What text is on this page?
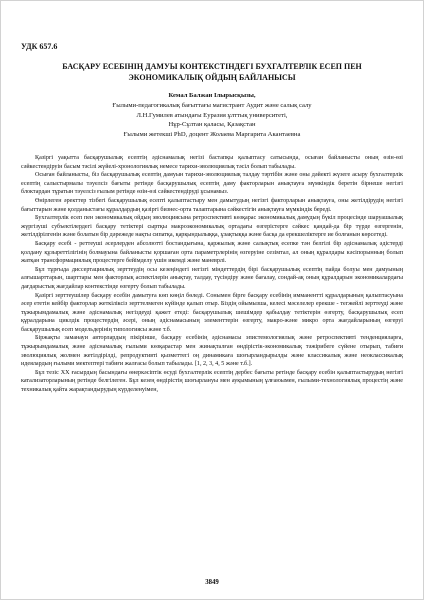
УДК 657.6
БАСҚАРУ ЕСЕБІНІҢ ДАМУЫ КОНТЕКСТІНДЕГІ БУХГАЛТЕРЛІК ЕСЕП ПЕН
ЭКОНОМИКАЛЫҚ ОЙДЫҢ БАЙЛАНЫСЫ
Кемал Балжан Ілырысқызы,
Ғылыми-педагогикалық бағыттағы магистрант Аудит және салық салу
Л.Н.Гумилев атындағы Еуразия ұлттық университеті,
Нұр-Сұлтан қаласы, Қазақстан
Ғылыми жетекші PhD, доцент Жолаева Маргарита Акантаевна

Қазіргі уақытта басқарушылық есептің әдіснамалық негізі бастапқы қалыптасу сатысында, осыған байланысты оның өзін-өзі сәйкестендіруін басым тәсілі жүйелі-хронологиялық немесе тарихи-эволюциялық тәсіл болып табылады.

Осыған байланысты, біз басқарушылық есептің дамуын тарихи-эволюциялық талдау тәртібін және оны дәйекті жүзеге асыру бухгалтерлік есептің салыстырмалы тәуелсіз бағыты ретінде басқарушылық есептің даму факторларын анықтауға мүмкіндік беретін бірнеше негізгі блоктардан тұратын тәуелсіз ғылым ретінде өзін-өзі сәйкестендіруді ұсынамыз.

Өнірлеген әректтер тізбегі басқарушылық есепті қалыптастыру мен дамытудың негізгі факторларын анықтауға, оны жетілдірудің негізгі бағыттарын және қолданыстағы құралдардың қазіргі бизнес-орта талаптарына сәйкестігін анықтауға мүмкіндік береді.

Бухгалтерлік есеп пен экономикалық ойдың эволюциясына ретроспективті көзқарас экономикалық дамудың бүкіл процесінде шаруашылық жүргізуші субъектілердегі басқару тетіктері сыртқы макроэкономикалық ортадағы өзгерістерге сәйкес қандай-да бір түрде өзгергенін, жетілдірілгенін және болатын бір дәрежеде нақты сипатқа, қарқындылыққа, ұзақтыққа және басқа да ерекшеліктерге ие болғанын көрсетеді.

Басқару есебі - реттеуші әсерлерден абсолютті бостандығына, қаржылық және салықтық есепке тән белгілі бір әдіснамалық әдістерді қолдану құзыреттілігінің болмауына байланысты қоршаған орта параметрлерінің өзгеруіне сезімтал, ал оның құралдары кәсіпорынның болып жатқан трансформациялық процестерге бейімделу үшін икемді және маневрлі.

Бұл тұрғыда диссертациялық зерттеудің осы кезеңіндегі негізгі міндеттердің бірі басқарушылық есептің пайда болуы мен дамуының алғышарттарын, шарттары мен факторлық аспектілерін анықтау, талдау, түсіндіру және бағалау, сондай-ақ оның құралдарын экономикалардағы дағдарыстық жағдайлар контекстінде өзгерту болып табылады.

Қазіргі зерттеушілер басқару есебін дамытуға көп көңіл бөледі. Сонымен бірге басқару есебінің имманентті құралдарының қалыптасуына әсер ететін кейбір факторлар жеткіліксіз зерттелмеген күйінде қалып отыр. Біздің ойымызша, келесі мәселелер ерекше - тегжейлі зерттеуді және тұжырымдамалық және әдіснамалық негіздеуді қажет етеді: басқарушылық шешімдер қабылдау тетіктерін өзгерту, басқарушылық есеп құралдарына циклдік процестердің әсері, оның әдіснамасының элементтерін өзгерту, макро-және микро орта жағдайларының өзгеруі басқарушылық есеп модельдерінің типологиясы және т.б.

Біржақты заманауи авторлардың пікірінше, басқару есебінің әдіснамасы эпистемологиялық және ретроспективті тенденцияларға, тұжырымдамалық және әдіснамалық ғылыми көзқарастар мен жинақталған өндірістік-экономикалық тәжірибеге сүйене отырып, табиғи эволюциялық жолмен жетілдірілді, репродуктивті қызметтегі оң динамикаға шоғырландырылды және классикалық және неоклассикалық идеялардың ғылыми мектептері табиғи жалғасы болып табылады. [1, 2, 3, 4, 5 және т.б.].

Бұл тезіс ХХ ғасырдың басындағы өнеркәсіптік өсуді бухгалтерлік есептің дербес бағыты ретінде басқару есебін қалыптастырудың негізгі катализаторларының ретінде белгілеген. Бұл кезең өндірістің шоғырлануы мен ауқымының ұлғаюымен, ғылыми-технологиялық процестің және техникалық қайта жарақтандырудың күрделенуімен,

3849
